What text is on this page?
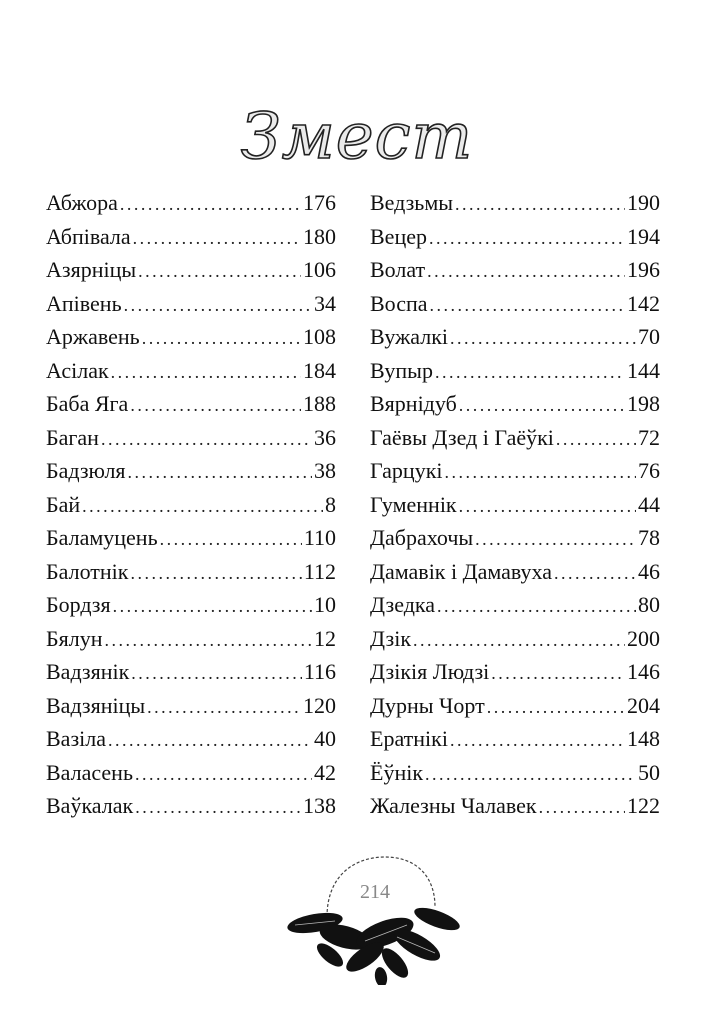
Змест
Абжора . . .	176
Абпівала . . .	180
Азярніцы . . .	106
Апівень . . .	34
Аржавень . . .	108
Асілак . . .	184
Баба Яга . . .	188
Баган . . .	36
Бадзюля . . .	38
Бай . . .	8
Баламуцень . . .	110
Балотнік . . .	112
Бордзя . . .	10
Бялун . . .	12
Вадзянік . . .	116
Вадзяніцы . . .	120
Вазіла . . .	40
Валасень . . .	42
Ваўкалак . . .	138
Ведзьмы . . .	190
Вецер . . .	194
Волат . . .	196
Воспа . . .	142
Вужалкі . . .	70
Вупыр . . .	144
Вярнідуб . . .	198
Гаёвы Дзед і Гаёўкі . . .	72
Гарцукі . . .	76
Гуменнік . . .	44
Дабрахочы . . .	78
Дамавік і Дамавуха . . .	46
Дзедка . . .	80
Дзік . . .	200
Дзікія Людзі . . .	146
Дурны Чорт . . .	204
Ератнікі . . .	148
Ёўнік . . .	50
Жалезны Чалавек . . .	122
214
